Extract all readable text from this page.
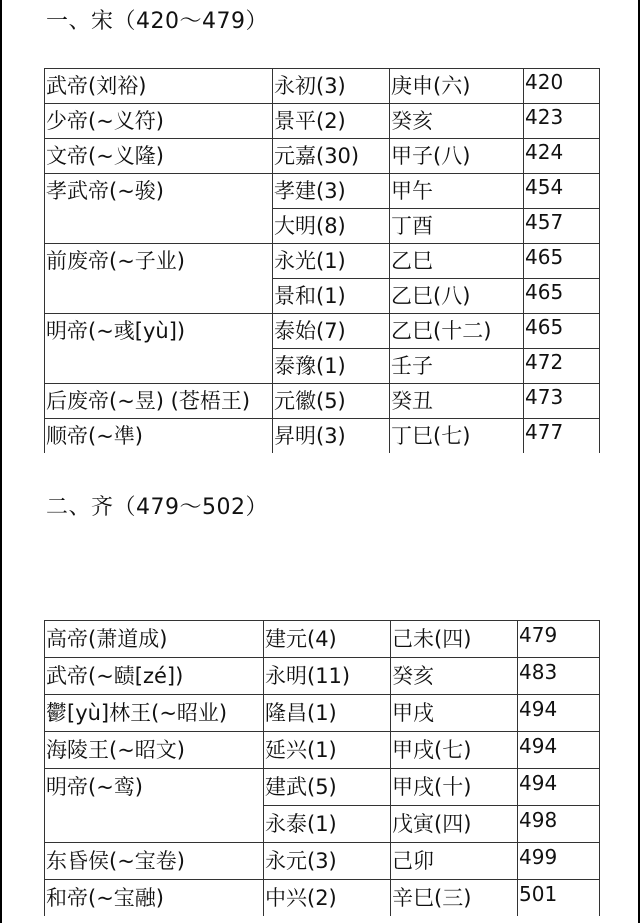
一、宋（420～479）
武帝(刘裕)	永初(3)	庚申(六)	420
少帝(~义符)	景平(2)	癸亥	423
文帝(~义隆)	元嘉(30)	甲子(八)	424
孝武帝(~骏)	孝建(3)	甲午	454
	大明(8)	丁酉	457
前废帝(~子业)	永光(1)	乙巳	465
	景和(1)	乙巳(八)	465
明帝(~彧[yù])	泰始(7)	乙巳(十二)	465
	泰豫(1)	壬子	472
后废帝(~昱) (苍梧王)	元徽(5)	癸丑	473
顺帝(~凖)	昇明(3)	丁巳(七)	477
二、齐（479～502）
高帝(萧道成)	建元(4)	己未(四)	479
武帝(~赜[zé])	永明(11)	癸亥	483
鬱[yù]林王(~昭业)	隆昌(1)	甲戌	494
海陵王(~昭文)	延兴(1)	甲戌(七)	494
明帝(~鸾)	建武(5)	甲戌(十)	494
	永泰(1)	戊寅(四)	498
东昏侯(~宝卷)	永元(3)	己卯	499
和帝(~宝融)	中兴(2)	辛巳(三)	501
